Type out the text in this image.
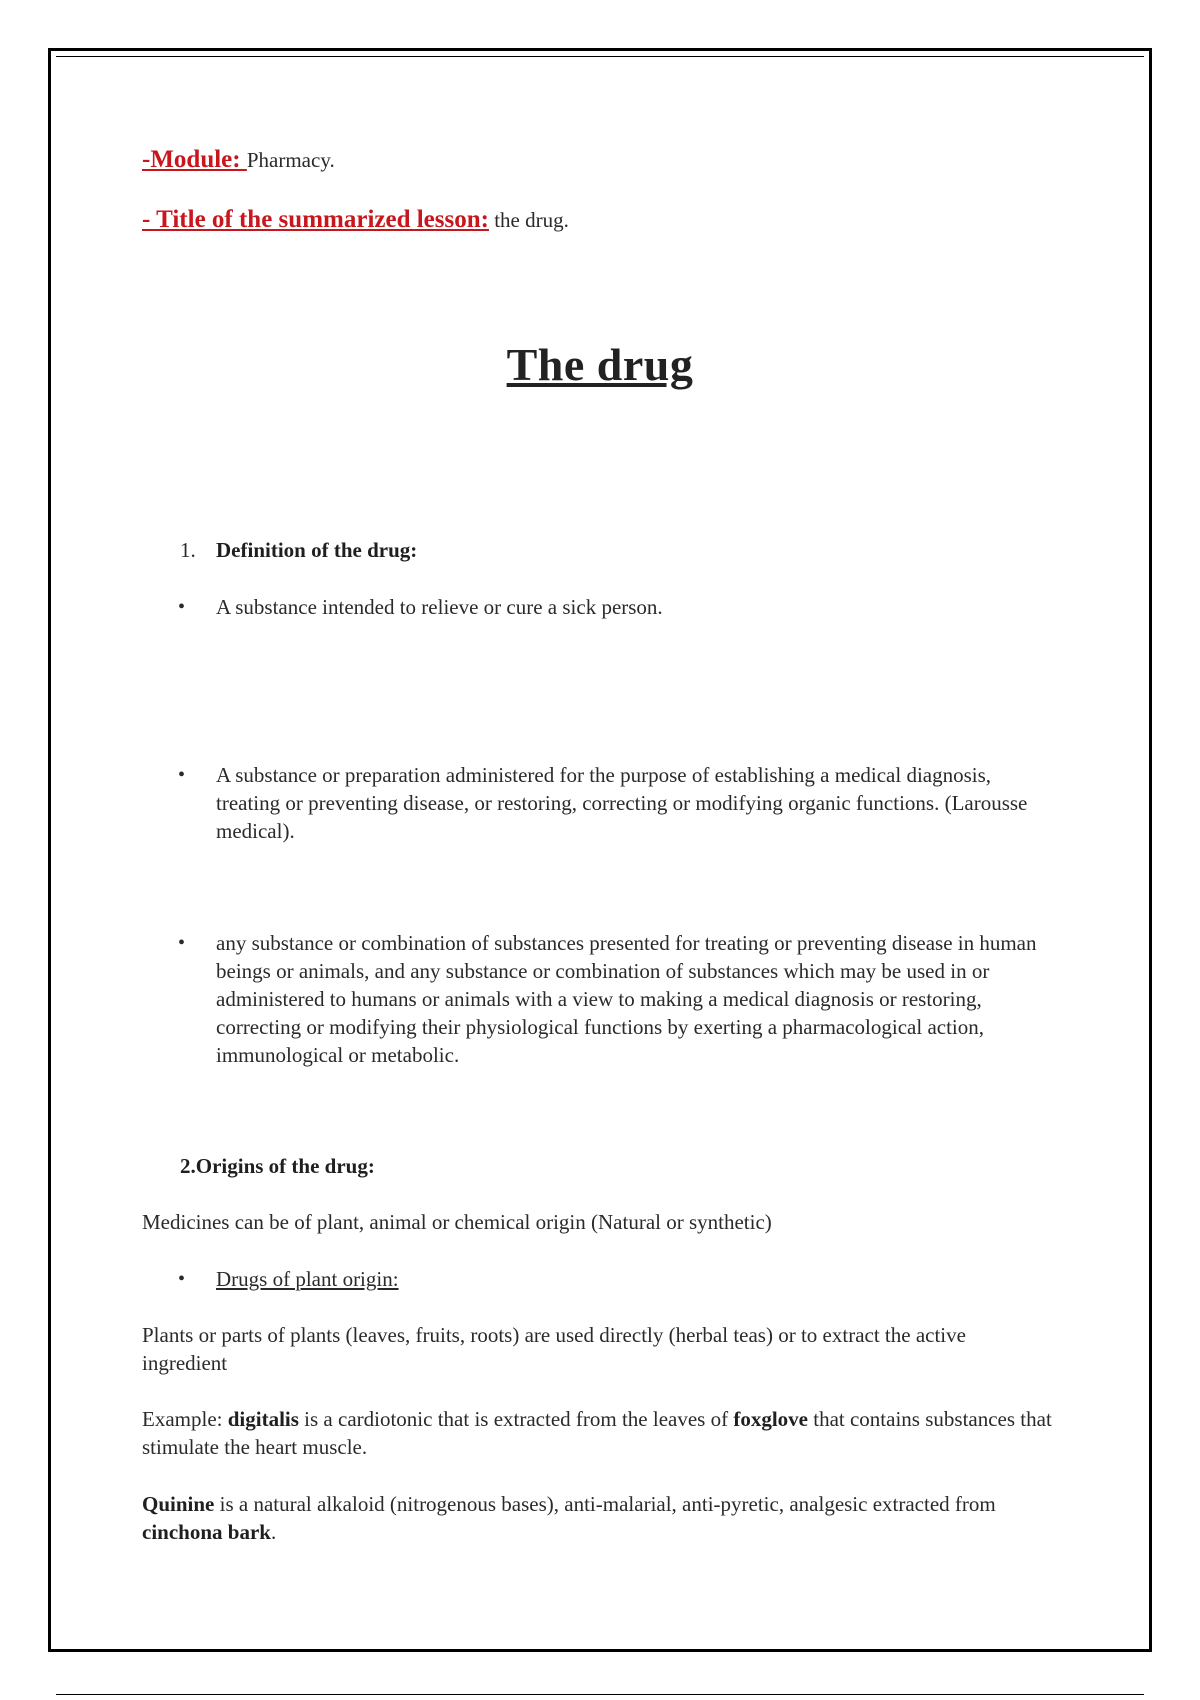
-Module: Pharmacy.
- Title of the summarized lesson: the drug.
The drug
1. Definition of the drug:
• A substance intended to relieve or cure a sick person.
• A substance or preparation administered for the purpose of establishing a medical diagnosis, treating or preventing disease, or restoring, correcting or modifying organic functions. (Larousse medical).
• any substance or combination of substances presented for treating or preventing disease in human beings or animals, and any substance or combination of substances which may be used in or administered to humans or animals with a view to making a medical diagnosis or restoring, correcting or modifying their physiological functions by exerting a pharmacological action, immunological or metabolic.
2.Origins of the drug:
Medicines can be of plant, animal or chemical origin (Natural or synthetic)
• Drugs of plant origin:
Plants or parts of plants (leaves, fruits, roots) are used directly (herbal teas) or to extract the active ingredient
Example: digitalis is a cardiotonic that is extracted from the leaves of foxglove that contains substances that stimulate the heart muscle.
Quinine is a natural alkaloid (nitrogenous bases), anti-malarial, anti-pyretic, analgesic extracted from cinchona bark.
